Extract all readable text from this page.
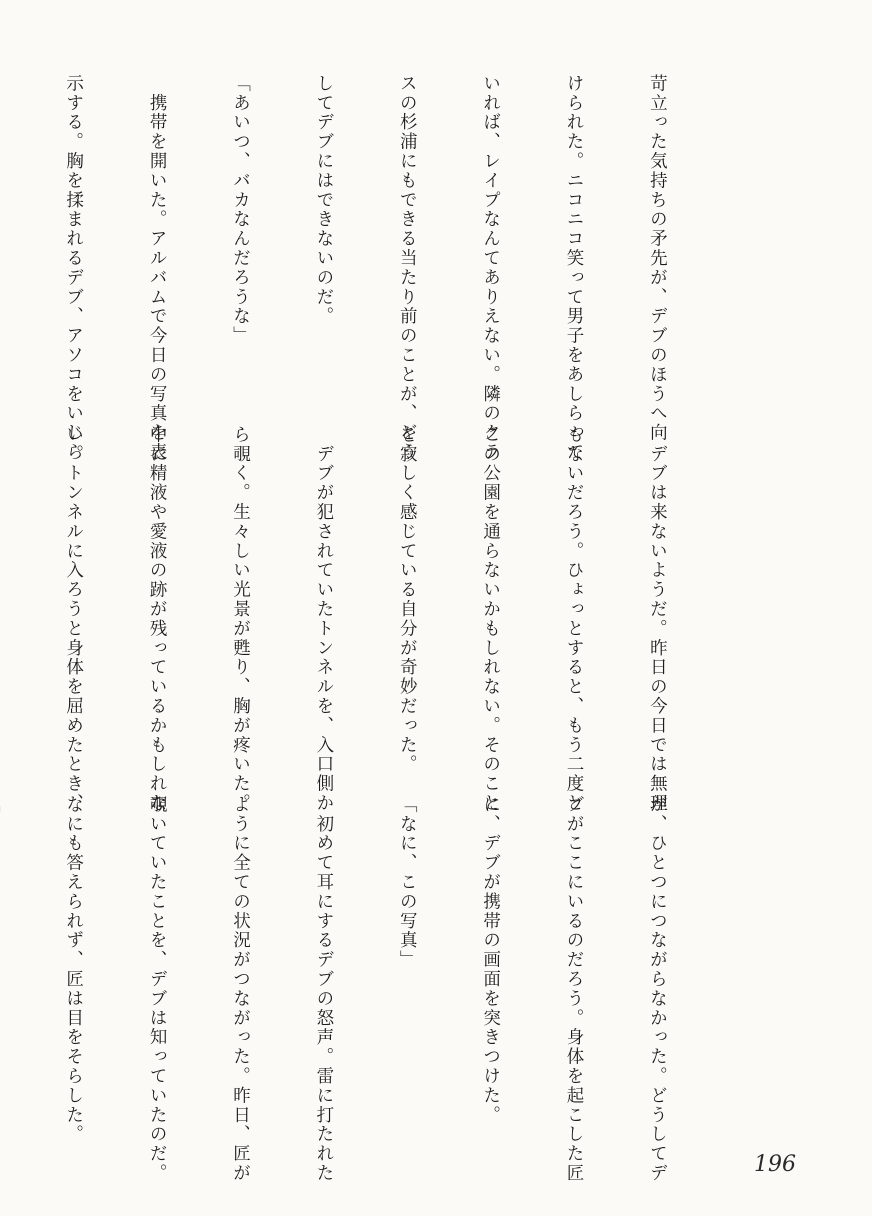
苛立った気持ちの矛先が、デブのほうへ向

けられた。ニコニコ笑って男子をあしらって

いれば、レイプなんてありえない。隣のクラ

スの杉浦にもできる当たり前のことが、どう

してデブにはできないのだ。

「あいつ、バカなんだろうな」

　携帯を開いた。アルバムで今日の写真を表

示する。胸を揉まれるデブ、アソコをいじら

　デブは来ないようだ。昨日の今日では無理

もないだろう。ひょっとすると、もう二度と

この公園を通らないかもしれない。そのこと

を寂しく感じている自分が奇妙だった。

　デブが犯されていたトンネルを、入口側か

ら覗く。生々しい光景が甦り、胸が疼いた。

中に精液や愛液の跡が残っているかもしれな

い。トンネルに入ろうと身体を屈めたとき、

が、ひとつにつながらなかった。どうしてデ

ブがここにいるのだろう。身体を起こした匠

に、デブが携帯の画面を突きつけた。

「なに、この写真」

　初めて耳にするデブの怒声。雷に打たれた

ように全ての状況がつながった。昨日、匠が

覗いていたことを、デブは知っていたのだ。

なにも答えられず、匠は目をそらした。

196
